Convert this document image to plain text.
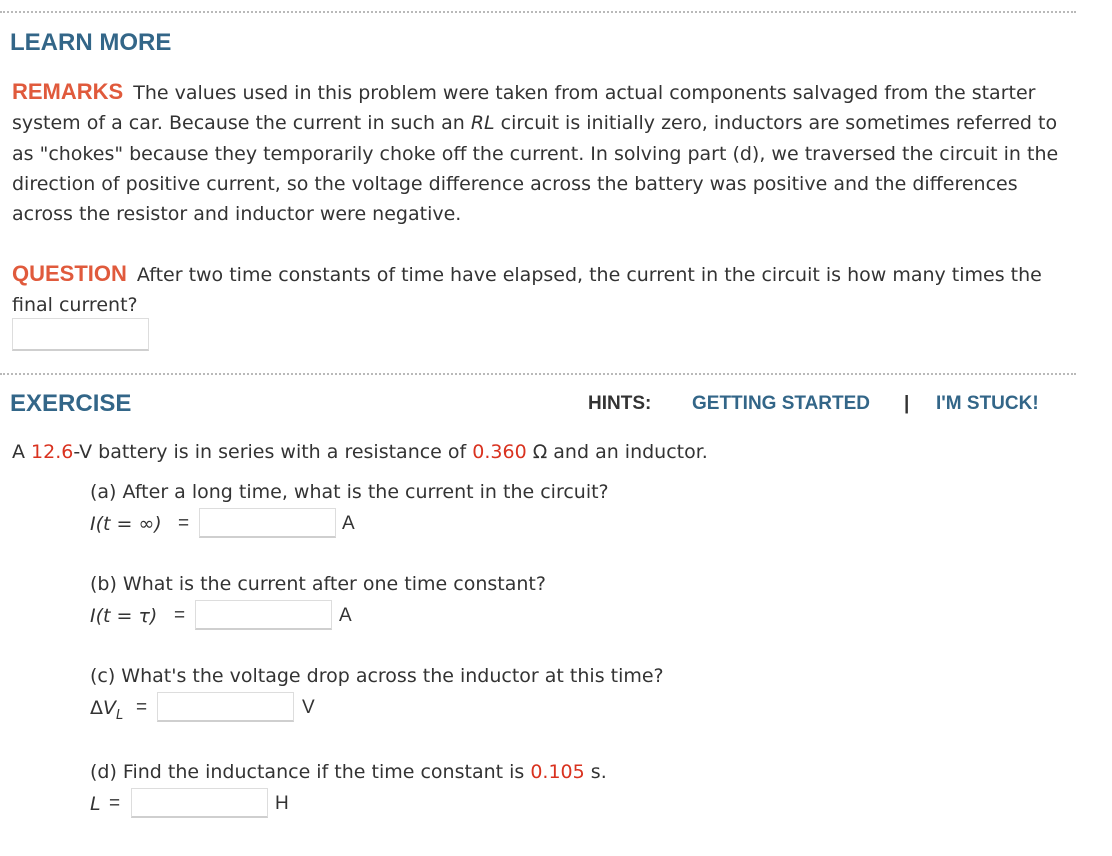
LEARN MORE
REMARKS The values used in this problem were taken from actual components salvaged from the starter system of a car. Because the current in such an RL circuit is initially zero, inductors are sometimes referred to as "chokes" because they temporarily choke off the current. In solving part (d), we traversed the circuit in the direction of positive current, so the voltage difference across the battery was positive and the differences across the resistor and inductor were negative.
QUESTION After two time constants of time have elapsed, the current in the circuit is how many times the final current?
EXERCISE	HINTS: GETTING STARTED | I'M STUCK!
A 12.6-V battery is in series with a resistance of 0.360 Ω and an inductor.
(a) After a long time, what is the current in the circuit?
I(t = ∞) =	A
(b) What is the current after one time constant?
I(t = τ) =	A
(c) What's the voltage drop across the inductor at this time?
$\Delta V_L$ =	V
(d) Find the inductance if the time constant is 0.105 s.
L =	H
